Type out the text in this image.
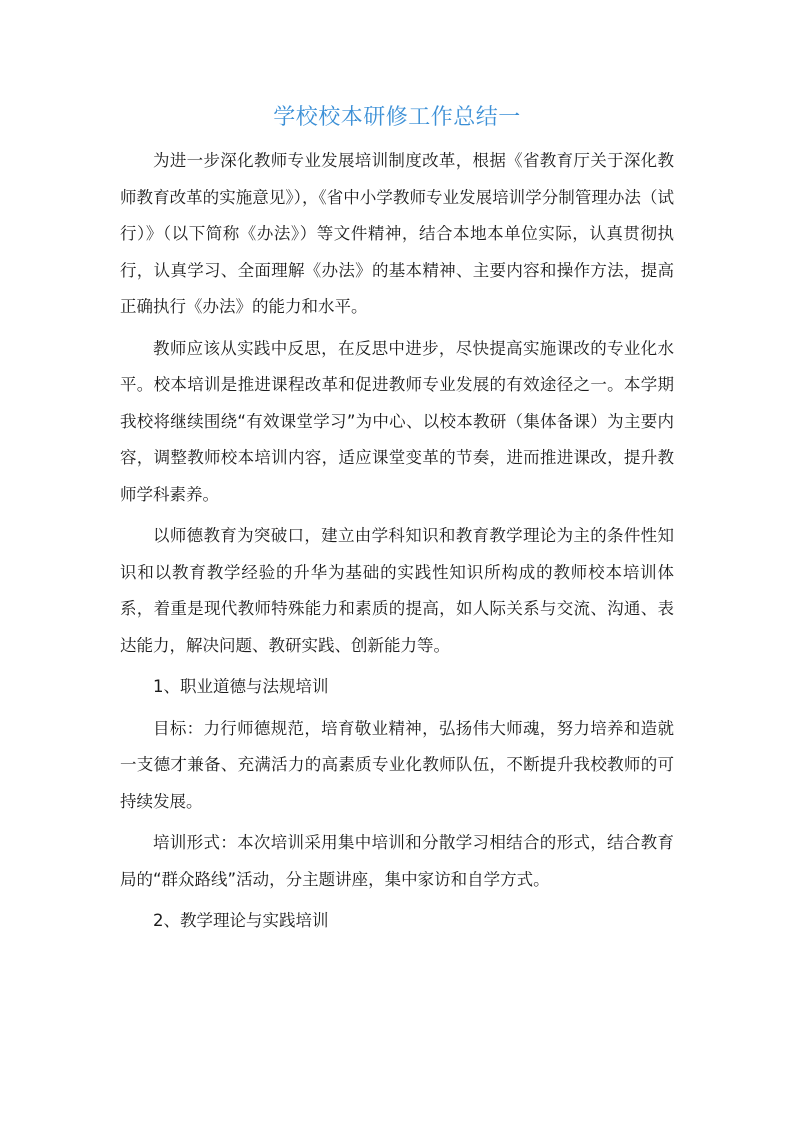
学校校本研修工作总结一

为进一步深化教师专业发展培训制度改革，根据《省教育厅关于深化教师教育改革的实施意见》），《省中小学教师专业发展培训学分制管理办法（试行）》（以下简称《办法》）等文件精神，结合本地本单位实际，认真贯彻执行，认真学习、全面理解《办法》的基本精神、主要内容和操作方法，提高正确执行《办法》的能力和水平。

教师应该从实践中反思，在反思中进步，尽快提高实施课改的专业化水平。校本培训是推进课程改革和促进教师专业发展的有效途径之一。本学期我校将继续围绕“有效课堂学习”为中心、以校本教研（集体备课）为主要内容，调整教师校本培训内容，适应课堂变革的节奏，进而推进课改，提升教师学科素养。

以师德教育为突破口，建立由学科知识和教育教学理论为主的条件性知识和以教育教学经验的升华为基础的实践性知识所构成的教师校本培训体系，着重是现代教师特殊能力和素质的提高，如人际关系与交流、沟通、表达能力，解决问题、教研实践、创新能力等。

1、职业道德与法规培训

目标：力行师德规范，培育敬业精神，弘扬伟大师魂，努力培养和造就一支德才兼备、充满活力的高素质专业化教师队伍，不断提升我校教师的可持续发展。

培训形式：本次培训采用集中培训和分散学习相结合的形式，结合教育局的“群众路线”活动，分主题讲座，集中家访和自学方式。

2、教学理论与实践培训
